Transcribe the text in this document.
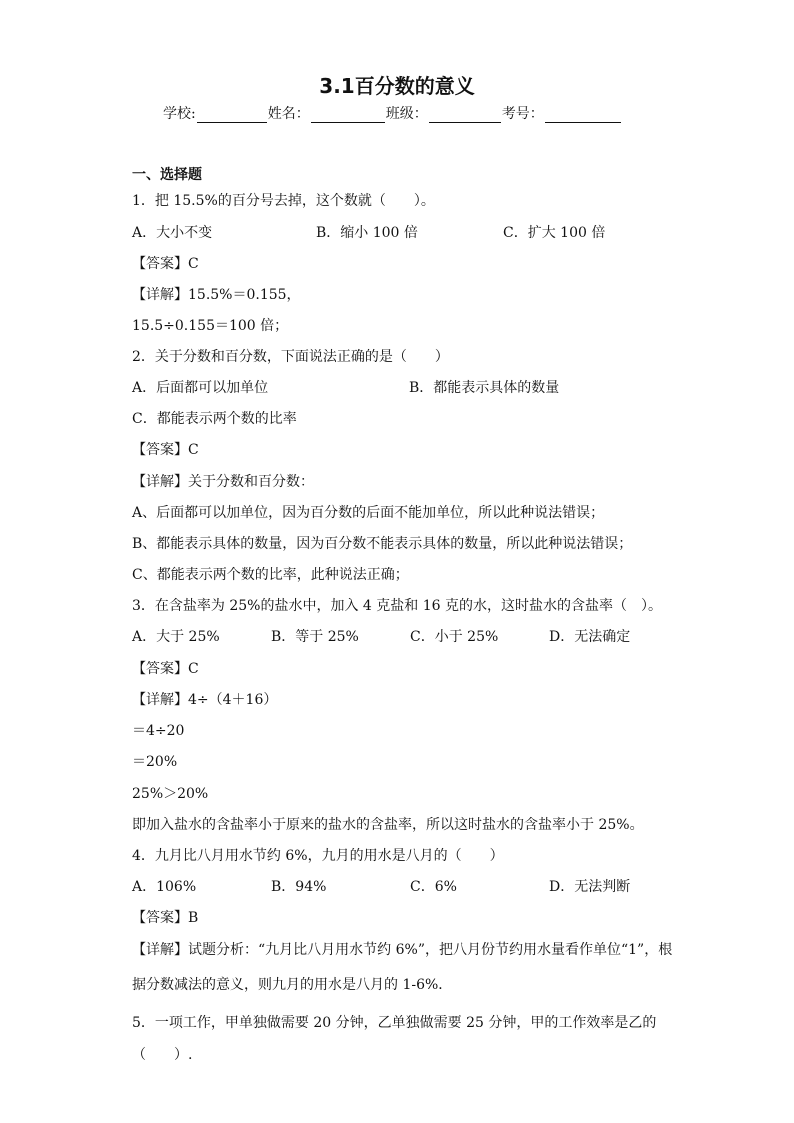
3.1百分数的意义
学校:	姓名：	班级：	考号：
一、选择题
1．把 15.5%的百分号去掉，这个数就（　　）。
A．大小不变	B．缩小 100 倍	C．扩大 100 倍
【答案】C
【详解】15.5%＝0.155，
15.5÷0.155＝100 倍；
2．关于分数和百分数，下面说法正确的是（　　）
A．后面都可以加单位	B．都能表示具体的数量
C．都能表示两个数的比率
【答案】C
【详解】关于分数和百分数：
A、后面都可以加单位，因为百分数的后面不能加单位，所以此种说法错误；
B、都能表示具体的数量，因为百分数不能表示具体的数量，所以此种说法错误；
C、都能表示两个数的比率，此种说法正确；
3．在含盐率为 25%的盐水中，加入 4 克盐和 16 克的水，这时盐水的含盐率（　）。
A．大于 25%	B．等于 25%	C．小于 25%	D．无法确定
【答案】C
【详解】4÷（4＋16）
＝4÷20
＝20%
25%＞20%
即加入盐水的含盐率小于原来的盐水的含盐率，所以这时盐水的含盐率小于 25%。
4．九月比八月用水节约 6%，九月的用水是八月的（　　）
A．106%	B．94%	C．6%	D．无法判断
【答案】B
【详解】试题分析：“九月比八月用水节约 6%”，把八月份节约用水量看作单位“1”，根
据分数减法的意义，则九月的用水是八月的 1-6%．
5．一项工作，甲单独做需要 20 分钟，乙单独做需要 25 分钟，甲的工作效率是乙的
（　　）.
